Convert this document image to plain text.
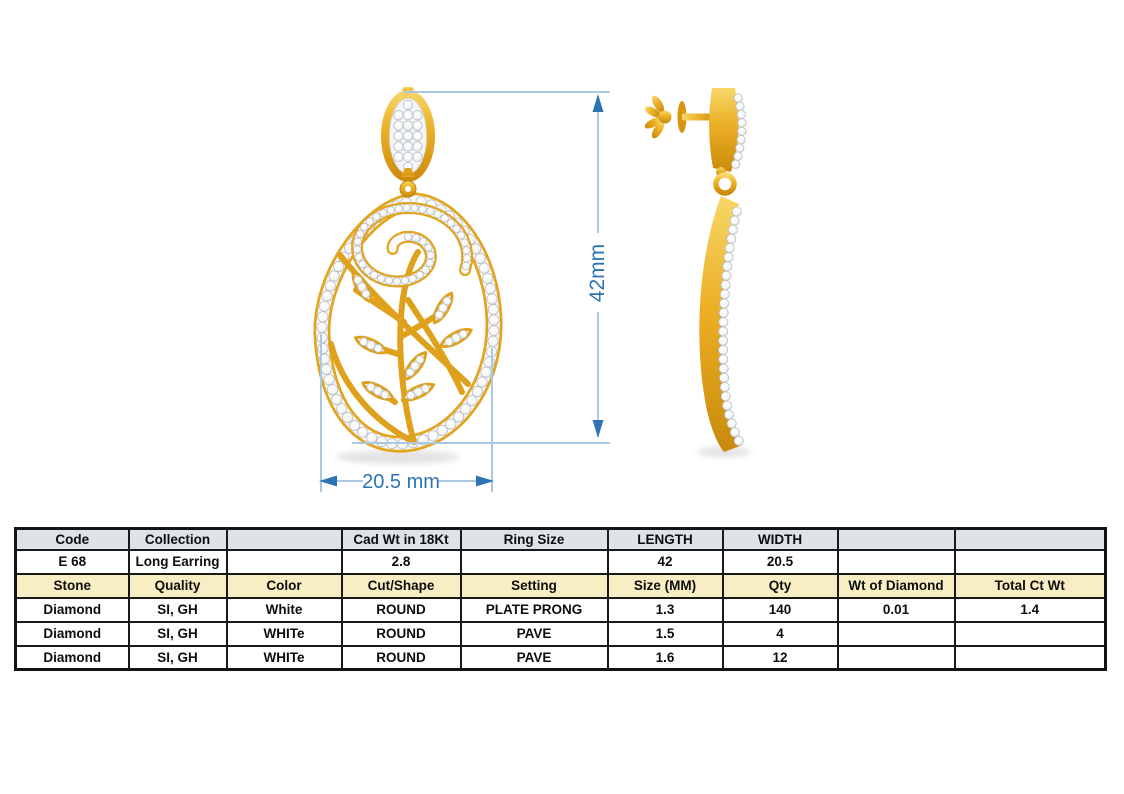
42mm
20.5 mm
Code	Collection		Cad Wt in 18Kt	Ring Size	LENGTH	WIDTH		
E 68	Long Earring		2.8		42	20.5		
Stone	Quality	Color	Cut/Shape	Setting	Size (MM)	Qty	Wt of Diamond	Total Ct Wt
Diamond	SI, GH	White	ROUND	PLATE PRONG	1.3	140	0.01	1.4
Diamond	SI, GH	WHITe	ROUND	PAVE	1.5	4		
Diamond	SI, GH	WHITe	ROUND	PAVE	1.6	12		
